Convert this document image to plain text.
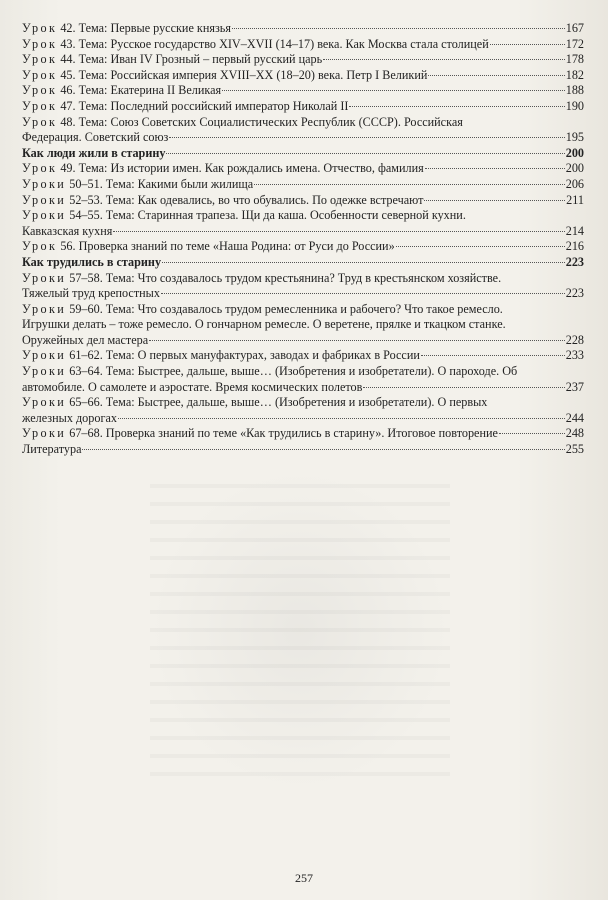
Урок 42. Тема: Первые русские князья	167
Урок 43. Тема: Русское государство XIV–XVII (14–17) века. Как Москва стала столицей	172
Урок 44. Тема: Иван IV Грозный – первый русский царь	178
Урок 45. Тема: Российская империя XVIII–XX (18–20) века. Петр I Великий	182
Урок 46. Тема: Екатерина II Великая	188
Урок 47. Тема: Последний российский император Николай II	190
Урок 48. Тема: Союз Советских Социалистических Республик (СССР). Российская
Федерация. Советский союз	195
Как люди жили в старину	200
Урок 49. Тема: Из истории имен. Как рождались имена. Отчество, фамилия	200
Уроки 50–51. Тема: Какими были жилища	206
Уроки 52–53. Тема: Как одевались, во что обувались. По одежке встречают	211
Уроки 54–55. Тема: Старинная трапеза. Щи да каша. Особенности северной кухни.
Кавказская кухня	214
Урок 56. Проверка знаний по теме «Наша Родина: от Руси до России»	216
Как трудились в старину	223
Уроки 57–58. Тема: Что создавалось трудом крестьянина? Труд в крестьянском хозяйстве.
Тяжелый труд крепостных	223
Уроки 59–60. Тема: Что создавалось трудом ремесленника и рабочего? Что такое ремесло.
Игрушки делать – тоже ремесло. О гончарном ремесле. О веретене, прялке и ткацком станке.
Оружейных дел мастера	228
Уроки 61–62. Тема: О первых мануфактурах, заводах и фабриках в России	233
Уроки 63–64. Тема: Быстрее, дальше, выше… (Изобретения и изобретатели). О пароходе. Об
автомобиле. О самолете и аэростате. Время космических полетов	237
Уроки 65–66. Тема: Быстрее, дальше, выше… (Изобретения и изобретатели). О первых
железных дорогах	244
Уроки 67–68. Проверка знаний по теме «Как трудились в старину». Итоговое повторение	248
Литература	255
257
